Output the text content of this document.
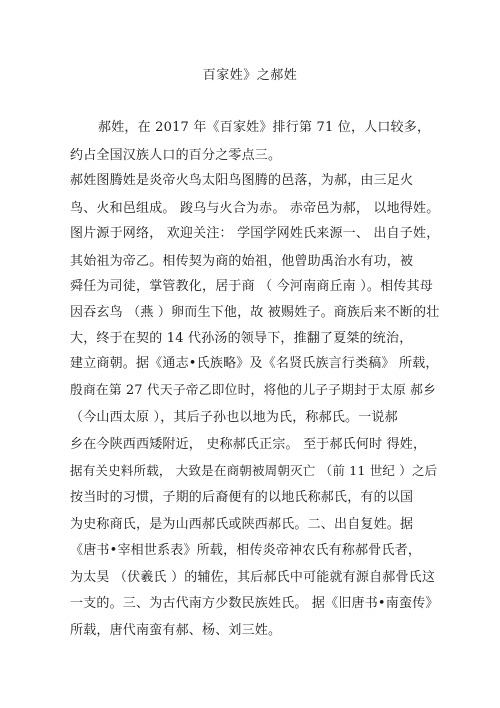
百家姓》之郝姓
郝姓，在 2017 年《百家姓》排行第 71 位，人口较多，
约占全国汉族人口的百分之零点三。
郝姓图腾姓是炎帝火鸟太阳鸟图腾的邑落，为郝，由三足火
鸟、火和邑组成。 踆乌与火合为赤。 赤帝邑为郝， 以地得姓。
图片源于网络， 欢迎关注： 学国学网姓氏来源一、 出自子姓，
其始祖为帝乙。相传契为商的始祖，他曾助禹治水有功，被
舜任为司徒，掌管教化，居于商 （ 今河南商丘南 ）。相传其母
因吞玄鸟 （燕 ）卵而生下他，故 被赐姓子。商族后来不断的壮
大，终于在契的 14 代孙汤的领导下，推翻了夏桀的统治，
建立商朝。据《通志•氏族略》及《名贤氏族言行类稿》 所载，
殷商在第 27 代天子帝乙即位时，将他的儿子子期封于太原 郝乡
（今山西太原 ），其后子孙也以地为氏，称郝氏。一说郝
乡在今陕西西矮附近， 史称郝氏正宗。 至于郝氏何时 得姓，
据有关史料所载， 大致是在商朝被周朝灭亡 （前 11 世纪 ）之后
按当时的习惯，子期的后裔便有的以地氏称郝氏，有的以国
为史称商氏，是为山西郝氏或陕西郝氏。二、出自复姓。据
《唐书•宰相世系表》所载，相传炎帝神农氏有称郝骨氏者，
为太昊 （伏羲氏 ）的辅佐，其后郝氏中可能就有源自郝骨氏这
一支的。三、为古代南方少数民族姓氏。 据《旧唐书•南蛮传》
所载，唐代南蛮有郝、杨、刘三姓。
